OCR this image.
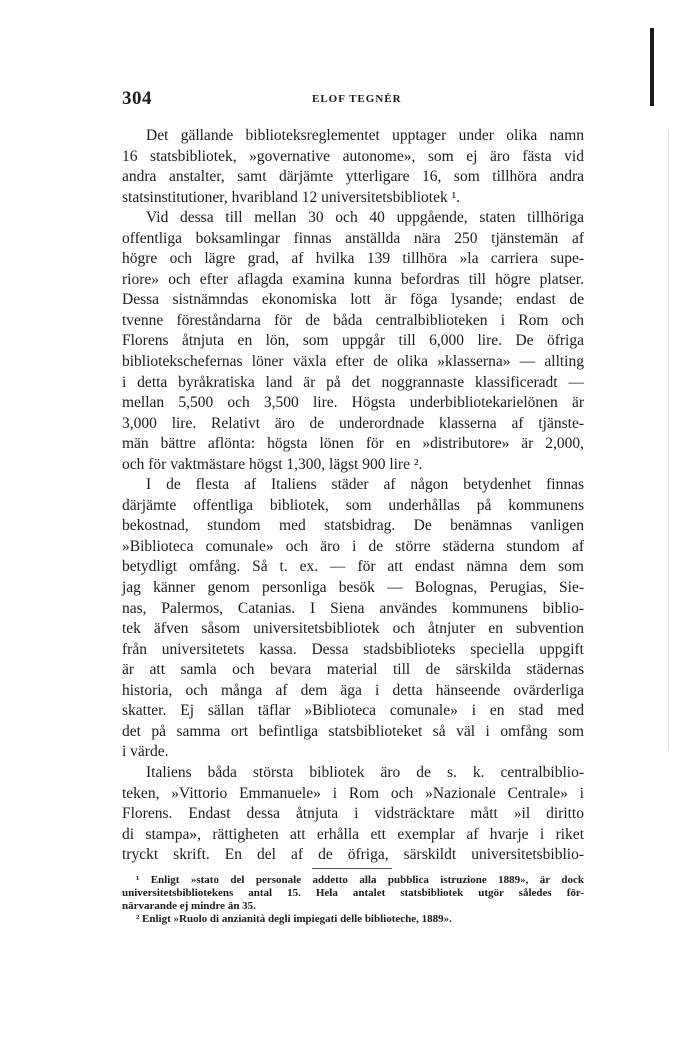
304	ELOF TEGNÉR
Det gällande biblioteksreglementet upptager under olika namn
16 statsbibliotek, »governative autonome», som ej äro fästa vid
andra anstalter, samt därjämte ytterligare 16, som tillhöra andra
statsinstitutioner, hvaribland 12 universitetsbibliotek ¹.
Vid dessa till mellan 30 och 40 uppgående, staten tillhöriga
offentliga boksamlingar finnas anställda nära 250 tjänstemän af
högre och lägre grad, af hvilka 139 tillhöra »la carriera supe-
riore» och efter aflagda examina kunna befordras till högre platser.
Dessa sistnämndas ekonomiska lott är föga lysande; endast de
tvenne föreståndarna för de båda centralbiblioteken i Rom och
Florens åtnjuta en lön, som uppgår till 6,000 lire. De öfriga
bibliotekschefernas löner växla efter de olika »klasserna» — allting
i detta byråkratiska land är på det noggrannaste klassificeradt —
mellan 5,500 och 3,500 lire. Högsta underbibliotekarielönen är
3,000 lire. Relativt äro de underordnade klasserna af tjänste-
män bättre aflönta: högsta lönen för en »distributore» är 2,000,
och för vaktmästare högst 1,300, lägst 900 lire ².
I de flesta af Italiens städer af någon betydenhet finnas
därjämte offentliga bibliotek, som underhållas på kommunens
bekostnad, stundom med statsbidrag. De benämnas vanligen
»Biblioteca comunale» och äro i de större städerna stundom af
betydligt omfång. Så t. ex. — för att endast nämna dem som
jag känner genom personliga besök — Bolognas, Perugias, Sie-
nas, Palermos, Catanias. I Siena användes kommunens biblio-
tek äfven såsom universitetsbibliotek och åtnjuter en subvention
från universitetets kassa. Dessa stadsbiblioteks speciella uppgift
är att samla och bevara material till de särskilda städernas
historia, och många af dem äga i detta hänseende ovärderliga
skatter. Ej sällan täflar »Biblioteca comunale» i en stad med
det på samma ort befintliga statsbiblioteket så väl i omfång som
i värde.
Italiens båda största bibliotek äro de s. k. centralbiblio-
teken, »Vittorio Emmanuele» i Rom och »Nazionale Centrale» i
Florens. Endast dessa åtnjuta i vidsträcktare mått »il diritto
di stampa», rättigheten att erhålla ett exemplar af hvarje i riket
tryckt skrift. En del af de öfriga, särskildt universitetsbiblio-
¹ Enligt »stato del personale addetto alla pubblica istruzione 1889», är dock
universitetsbibliotekens antal 15. Hela antalet statsbibliotek utgör således för-
närvarande ej mindre än 35.
² Enligt »Ruolo di anzianità degli impiegati delle biblioteche, 1889».
